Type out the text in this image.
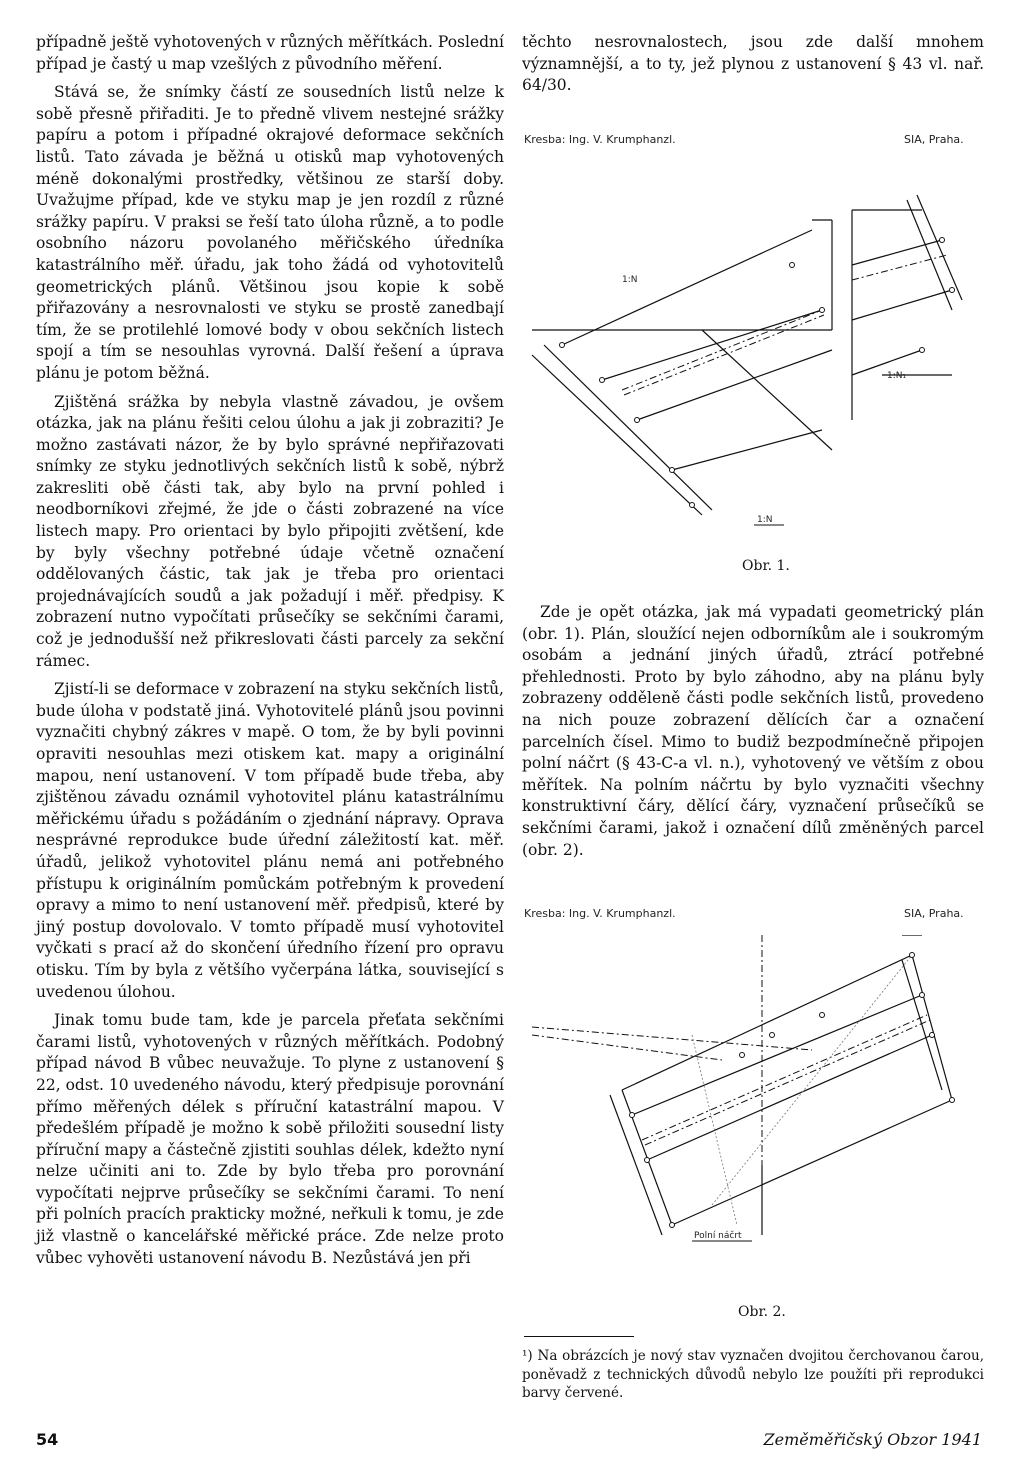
případně ještě vyhotovených v různých měřítkách. Poslední případ je častý u map vzešlých z původního měření.

Stává se, že snímky částí ze sousedních listů nelze k sobě přesně přiřaditi. Je to předně vlivem nestejné srážky papíru a potom i případné okrajové deformace sekčních listů. Tato závada je běžná u otisků map vyhotovených méně dokonalými prostředky, většinou ze starší doby. Uvažujme případ, kde ve styku map je jen rozdíl z různé srážky papíru. V praksi se řeší tato úloha různě, a to podle osobního názoru povolaného měřičského úředníka katastrálního měř. úřadu, jak toho žádá od vyhotovitelů geometrických plánů. Většinou jsou kopie k sobě přiřazovány a nesrovnalosti ve styku se prostě zanedbají tím, že se protilehlé lomové body v obou sekčních listech spojí a tím se nesouhlas vyrovná. Další řešení a úprava plánu je potom běžná.

Zjištěná srážka by nebyla vlastně závadou, je ovšem otázka, jak na plánu řešiti celou úlohu a jak ji zobraziti? Je možno zastávati názor, že by bylo správné nepřiřazovati snímky ze styku jednotlivých sekčních listů k sobě, nýbrž zakresliti obě části tak, aby bylo na první pohled i neodborníkovi zřejmé, že jde o části zobrazené na více listech mapy. Pro orientaci by bylo připojiti zvětšení, kde by byly všechny potřebné údaje včetně označení oddělovaných částic, tak jak je třeba pro orientaci projednávajících soudů a jak požadují i měř. předpisy. K zobrazení nutno vypočítati průsečíky se sekčními čarami, což je jednodušší než přikreslovati části parcely za sekční rámec.

Zjistí-li se deformace v zobrazení na styku sekčních listů, bude úloha v podstatě jiná. Vyhotovitelé plánů jsou povinni vyznačiti chybný zákres v mapě. O tom, že by byli povinni opraviti nesouhlas mezi otiskem kat. mapy a originální mapou, není ustanovení. V tom případě bude třeba, aby zjištěnou závadu oznámil vyhotovitel plánu katastrálnímu měřickému úřadu s požádáním o zjednání nápravy. Oprava nesprávné reprodukce bude úřední záležitostí kat. měř. úřadů, jelikož vyhotovitel plánu nemá ani potřebného přístupu k originálním pomůckám potřebným k provedení opravy a mimo to není ustanovení měř. předpisů, které by jiný postup dovolovalo. V tomto případě musí vyhotovitel vyčkati s prací až do skončení úředního řízení pro opravu otisku. Tím by byla z většího vyčerpána látka, související s uvedenou úlohou.

Jinak tomu bude tam, kde je parcela přeťata sekčními čarami listů, vyhotovených v různých měřítkách. Podobný případ návod B vůbec neuvažuje. To plyne z ustanovení § 22, odst. 10 uvedeného návodu, který předpisuje porovnání přímo měřených délek s příruční katastrální mapou. V předešlém případě je možno k sobě přiložiti sousední listy příruční mapy a částečně zjistiti souhlas délek, kdežto nyní nelze učiniti ani to. Zde by bylo třeba pro porovnání vypočítati nejprve průsečíky se sekčními čarami. To není při polních pracích prakticky možné, neřkuli k tomu, je zde již vlastně o kancelářské měřické práce. Zde nelze proto vůbec vyhověti ustanovení návodu B. Nezůstává jen při

těchto nesrovnalostech, jsou zde další mnohem významnější, a to ty, jež plynou z ustanovení § 43 vl. nař. 64/30.

Kresba: Ing. V. Krumphanzl.	SIA, Praha.
1:N
1:N₁
1:N
Obr. 1.

Zde je opět otázka, jak má vypadati geometrický plán (obr. 1). Plán, sloužící nejen odborníkům ale i soukromým osobám a jednání jiných úřadů, ztrácí potřebné přehlednosti. Proto by bylo záhodno, aby na plánu byly zobrazeny odděleně části podle sekčních listů, provedeno na nich pouze zobrazení dělících čar a označení parcelních čísel. Mimo to budiž bezpodmínečně připojen polní náčrt (§ 43-C-a vl. n.), vyhotovený ve větším z obou měřítek. Na polním náčrtu by bylo vyznačiti všechny konstruktivní čáry, dělící čáry, vyznačení průsečíků se sekčními čarami, jakož i označení dílů změněných parcel (obr. 2).

Kresba: Ing. V. Krumphanzl.	SIA, Praha.
Polní náčrt
Obr. 2.
¹) Na obrázcích je nový stav vyznačen dvojitou čerchovanou čarou, poněvadž z technických důvodů nebylo lze použíti při reprodukci barvy červené.
54	Zeměměřičský Obzor 1941
